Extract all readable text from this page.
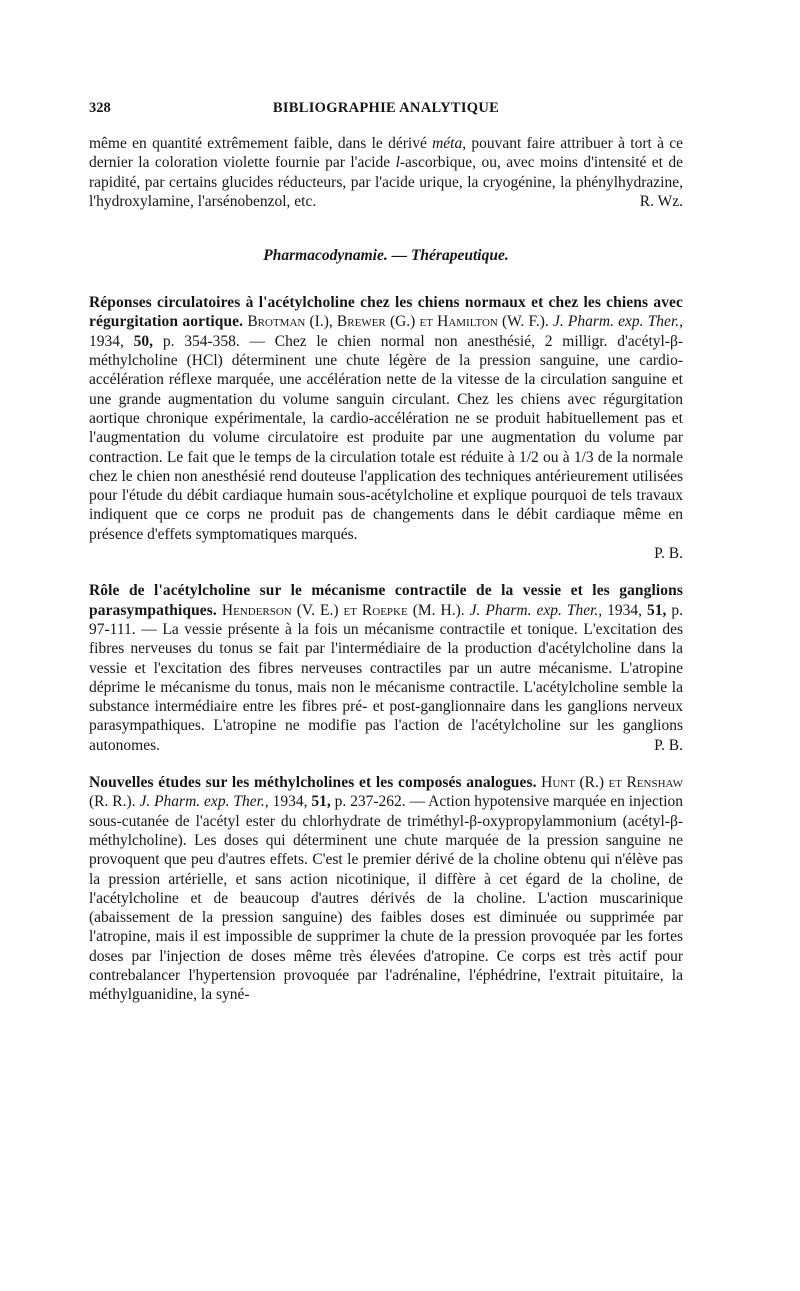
328	BIBLIOGRAPHIE ANALYTIQUE

même en quantité extrêmement faible, dans le dérivé méta, pouvant faire attribuer à tort à ce dernier la coloration violette fournie par l'acide l-ascorbique, ou, avec moins d'intensité et de rapidité, par certains glucides réducteurs, par l'acide urique, la cryogénine, la phénylhydrazine, l'hydroxylamine, l'arsénobenzol, etc.	R. Wz.

Pharmacodynamie. — Thérapeutique.

Réponses circulatoires à l'acétylcholine chez les chiens normaux et chez les chiens avec régurgitation aortique. Brotman (I.), Brewer (G.) et Hamilton (W. F.). J. Pharm. exp. Ther., 1934, 50, p. 354-358. — Chez le chien normal non anesthésié, 2 milligr. d'acétyl-β-méthylcholine (HCl) déterminent une chute légère de la pression sanguine, une cardio-accélération réflexe marquée, une accélération nette de la vitesse de la circulation sanguine et une grande augmentation du volume sanguin circulant. Chez les chiens avec régurgitation aortique chronique expérimentale, la cardio-accélération ne se produit habituellement pas et l'augmentation du volume circulatoire est produite par une augmentation du volume par contraction. Le fait que le temps de la circulation totale est réduite à 1/2 ou à 1/3 de la normale chez le chien non anesthésié rend douteuse l'application des techniques antérieurement utilisées pour l'étude du débit cardiaque humain sous-acétylcholine et explique pourquoi de tels travaux indiquent que ce corps ne produit pas de changements dans le débit cardiaque même en présence d'effets symptomatiques marqués.

P. B.

Rôle de l'acétylcholine sur le mécanisme contractile de la vessie et les ganglions parasympathiques. Henderson (V. E.) et Roepke (M. H.). J. Pharm. exp. Ther., 1934, 51, p. 97-111. — La vessie présente à la fois un mécanisme contractile et tonique. L'excitation des fibres nerveuses du tonus se fait par l'intermédiaire de la production d'acétylcholine dans la vessie et l'excitation des fibres nerveuses contractiles par un autre mécanisme. L'atropine déprime le mécanisme du tonus, mais non le mécanisme contractile. L'acétylcholine semble la substance intermédiaire entre les fibres pré- et post-ganglionnaire dans les ganglions nerveux parasympathiques. L'atropine ne modifie pas l'action de l'acétylcholine sur les ganglions autonomes.	P. B.

Nouvelles études sur les méthylcholines et les composés analogues. Hunt (R.) et Renshaw (R. R.). J. Pharm. exp. Ther., 1934, 51, p. 237-262. — Action hypotensive marquée en injection sous-cutanée de l'acétyl ester du chlorhydrate de triméthyl-β-oxypropylammonium (acétyl-β-méthylcholine). Les doses qui déterminent une chute marquée de la pression sanguine ne provoquent que peu d'autres effets. C'est le premier dérivé de la choline obtenu qui n'élève pas la pression artérielle, et sans action nicotinique, il diffère à cet égard de la choline, de l'acétylcholine et de beaucoup d'autres dérivés de la choline. L'action muscarinique (abaissement de la pression sanguine) des faibles doses est diminuée ou supprimée par l'atropine, mais il est impossible de supprimer la chute de la pression provoquée par les fortes doses par l'injection de doses même très élevées d'atropine. Ce corps est très actif pour contrebalancer l'hypertension provoquée par l'adrénaline, l'éphédrine, l'extrait pituitaire, la méthylguanidine, la syné-
